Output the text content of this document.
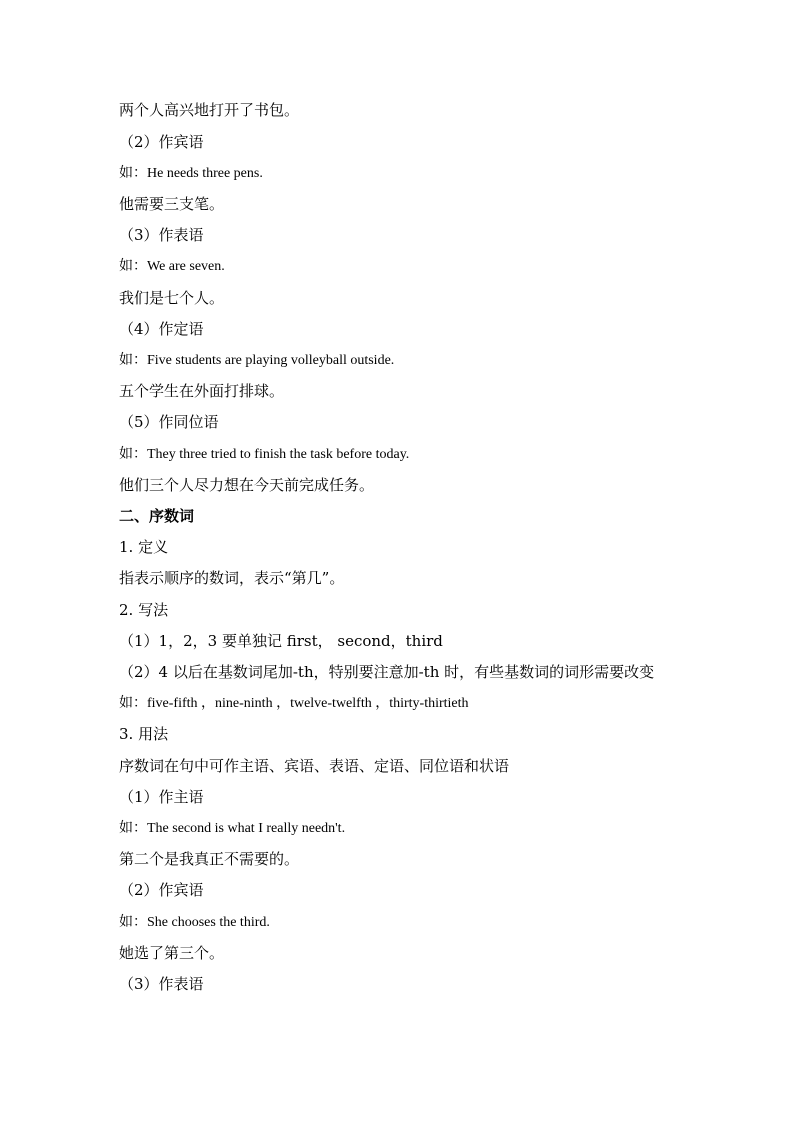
两个人高兴地打开了书包。
（2）作宾语
如：He needs three pens.
他需要三支笔。
（3）作表语
如：We are seven.
我们是七个人。
（4）作定语
如：Five students are playing volleyball outside.
五个学生在外面打排球。
（5）作同位语
如：They three tried to finish the task before today.
他们三个人尽力想在今天前完成任务。
二、序数词
1. 定义
指表示顺序的数词，表示“第几”。
2. 写法
（1）1，2，3 要单独记 first， second，third
（2）4 以后在基数词尾加-th，特别要注意加-th 时，有些基数词的词形需要改变
如：five-fifth ，nine-ninth ，twelve-twelfth ，thirty-thirtieth
3. 用法
序数词在句中可作主语、宾语、表语、定语、同位语和状语
（1）作主语
如：The second is what I really needn't.
第二个是我真正不需要的。
（2）作宾语
如：She chooses the third.
她选了第三个。
（3）作表语
